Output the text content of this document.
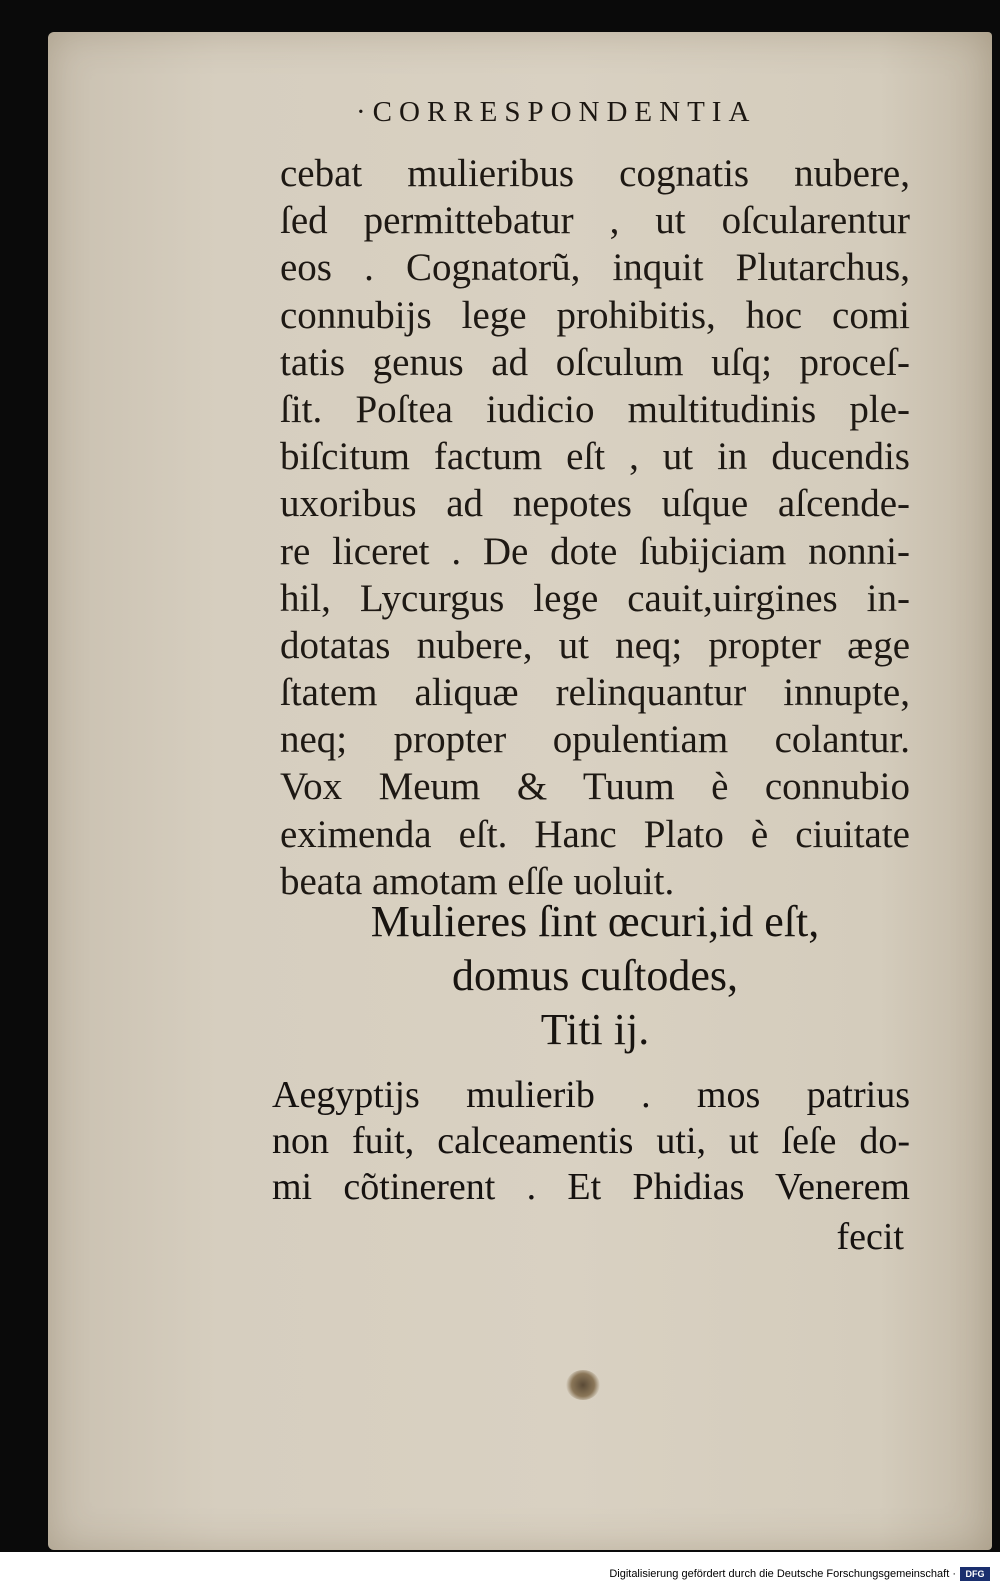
·CORRESPONDENTIA
cebat mulieribus cognatis nubere,
ſed permittebatur , ut oſcularentur
eos . Cognatorũ, inquit Plutarchus,
connubijs lege prohibitis, hoc comi
tatis genus ad oſculum uſq; proceſ-
ſit. Poſtea iudicio multitudinis ple-
biſcitum factum eſt , ut in ducendis
uxoribus ad nepotes uſque aſcende-
re liceret . De dote ſubijciam nonni-
hil, Lycurgus lege cauit,uirgines in-
dotatas nubere, ut neq; propter æge
ſtatem aliquæ relinquantur innupte,
neq; propter opulentiam colantur.
Vox Meum & Tuum è connubio
eximenda eſt. Hanc Plato è ciuitate
beata amotam eſſe uoluit.
Mulieres ſint œcuri,id eſt,
domus cuſtodes,
Titi ij.
Aegyptijs mulierib . mos patrius
non fuit, calceamentis uti, ut ſeſe do-
mi cõtinerent . Et Phidias Venerem
fecit
Digitalisierung gefördert durch die Deutsche Forschungsgemeinschaft ·	DFG
